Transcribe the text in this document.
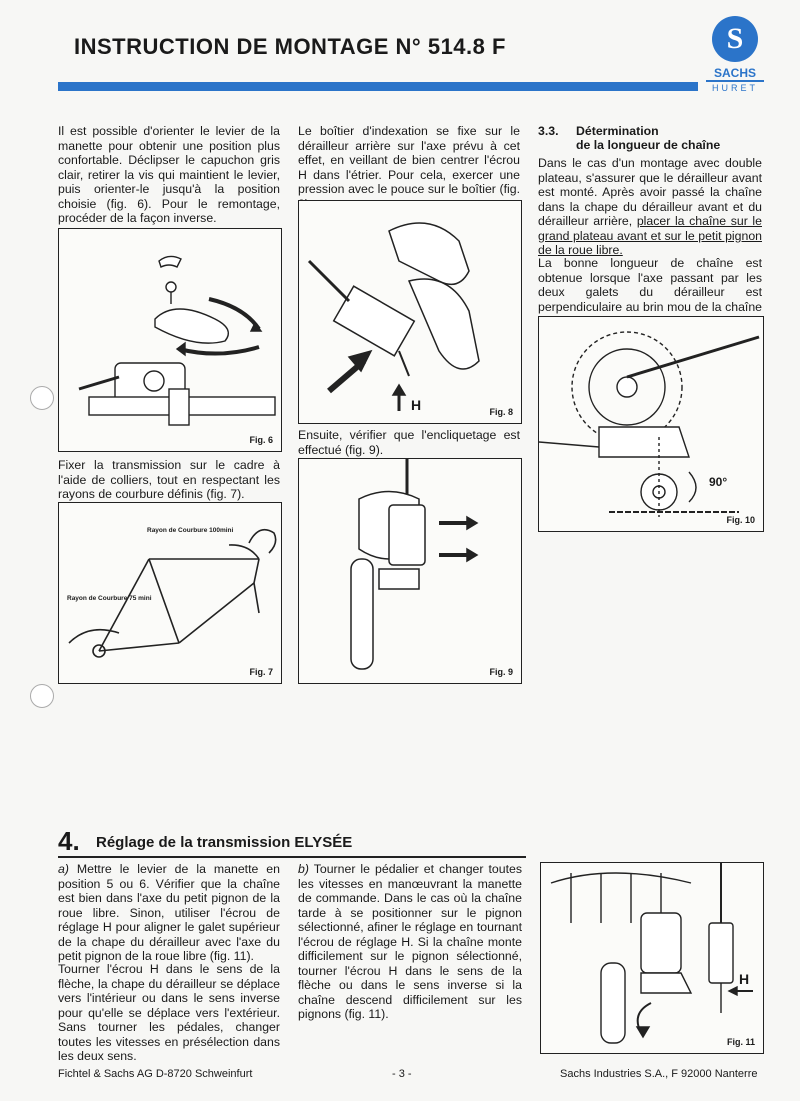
INSTRUCTION DE MONTAGE N° 514.8 F	S
SACHS
HURET
Il est possible d'orienter le levier de la manette pour obtenir une position plus confortable. Déclipser le capuchon gris clair, retirer la vis qui maintient le levier, puis orienter-le jusqu'à la position choisie (fig. 6). Pour le remontage, procéder de la façon inverse.
Fig. 6
Fixer la transmission sur le cadre à l'aide de colliers, tout en respectant les rayons de courbure définis (fig. 7).
Rayon de Courbure 100mini
Rayon de Courbure 75 mini
Fig. 7
Le boîtier d'indexation se fixe sur le dérailleur arrière sur l'axe prévu à cet effet, en veillant de bien centrer l'écrou H dans l'étrier. Pour cela, exercer une pression avec le pouce sur le boîtier (fig.
H	Fig. 8
Ensuite, vérifier que l'encliquetage est effectué (fig. 9).
Fig. 9
3.3. Détermination
de la longueur de chaîne
Dans le cas d'un montage avec double plateau, s'assurer que le dérailleur avant est monté. Après avoir passé la chaîne dans la chape du dérailleur avant et du dérailleur arrière, placer la chaîne sur le grand plateau avant et sur le petit pignon de la roue libre.
La bonne longueur de chaîne est obtenue lorsque l'axe passant par les deux galets du dérailleur est perpendiculaire au brin mou de la chaîne
90°
Fig. 10
4. Réglage de la transmission ELYSÉE
a) Mettre le levier de la manette en position 5 ou 6. Vérifier que la chaîne est bien dans l'axe du petit pignon de la roue libre. Sinon, utiliser l'écrou de réglage H pour aligner le galet supérieur de la chape du dérailleur avec l'axe du petit pignon de la roue libre (fig. 11).
Tourner l'écrou H dans le sens de la flèche, la chape du dérailleur se déplace vers l'intérieur ou dans le sens inverse pour qu'elle se déplace vers l'extérieur. Sans tourner les pédales, changer toutes les vitesses en présélection dans les deux sens.
b) Tourner le pédalier et changer toutes les vitesses en manœuvrant la manette de commande. Dans le cas où la chaîne tarde à se positionner sur le pignon sélectionné, afiner le réglage en tournant l'écrou de réglage H. Si la chaîne monte difficilement sur le pignon sélectionné, tourner l'écrou H dans le sens de la flèche ou dans le sens inverse si la chaîne descend difficilement sur les pignons (fig. 11).
H
Fig. 11
Fichtel & Sachs AG D-8720 Schweinfurt	- 3 -	Sachs Industries S.A., F 92000 Nanterre
